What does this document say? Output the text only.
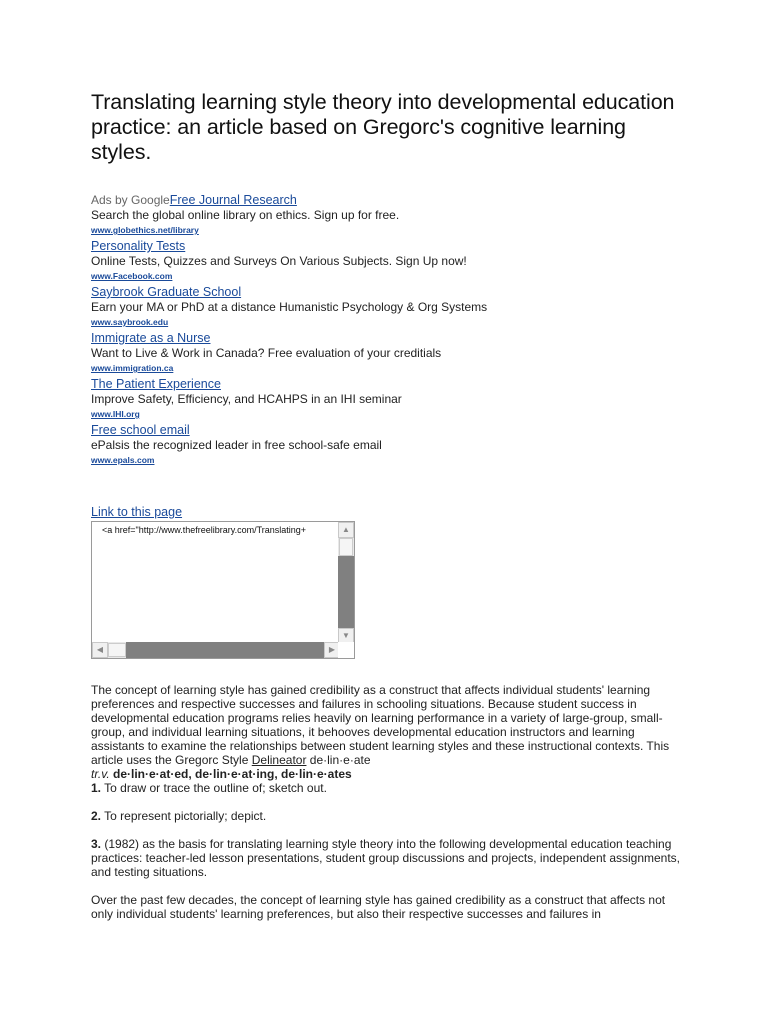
Translating learning style theory into developmental education practice: an article based on Gregorc's cognitive learning styles.
Ads by GoogleFree Journal Research
Search the global online library on ethics. Sign up for free.
www.globethics.net/library
Personality Tests
Online Tests, Quizzes and Surveys On Various Subjects. Sign Up now!
www.Facebook.com
Saybrook Graduate School
Earn your MA or PhD at a distance Humanistic Psychology & Org Systems
www.saybrook.edu
Immigrate as a Nurse
Want to Live & Work in Canada? Free evaluation of your creditials
www.immigration.ca
The Patient Experience
Improve Safety, Efficiency, and HCAHPS in an IHI seminar
www.IHI.org
Free school email
ePalsis the recognized leader in free school-safe email
www.epals.com
Link to this page
<a href="http://www.thefreelibrary.com/Translating+	▲
▼
◀	▶

The concept of learning style has gained credibility as a construct that affects individual students' learning preferences and respective successes and failures in schooling situations. Because student success in developmental education programs relies heavily on learning performance in a variety of large-group, small-group, and individual learning situations, it behooves developmental education instructors and learning assistants to examine the relationships between student learning styles and these instructional contexts. This article uses the Gregorc Style Delineator de·lin·e·ate

tr.v. de·lin·e·at·ed, de·lin·e·at·ing, de·lin·e·ates

1. To draw or trace the outline of; sketch out.

2. To represent pictorially; depict.

3. (1982) as the basis for translating learning style theory into the following developmental education teaching practices: teacher-led lesson presentations, student group discussions and projects, independent assignments, and testing situations.

Over the past few decades, the concept of learning style has gained credibility as a construct that affects not only individual students' learning preferences, but also their respective successes and failures in
